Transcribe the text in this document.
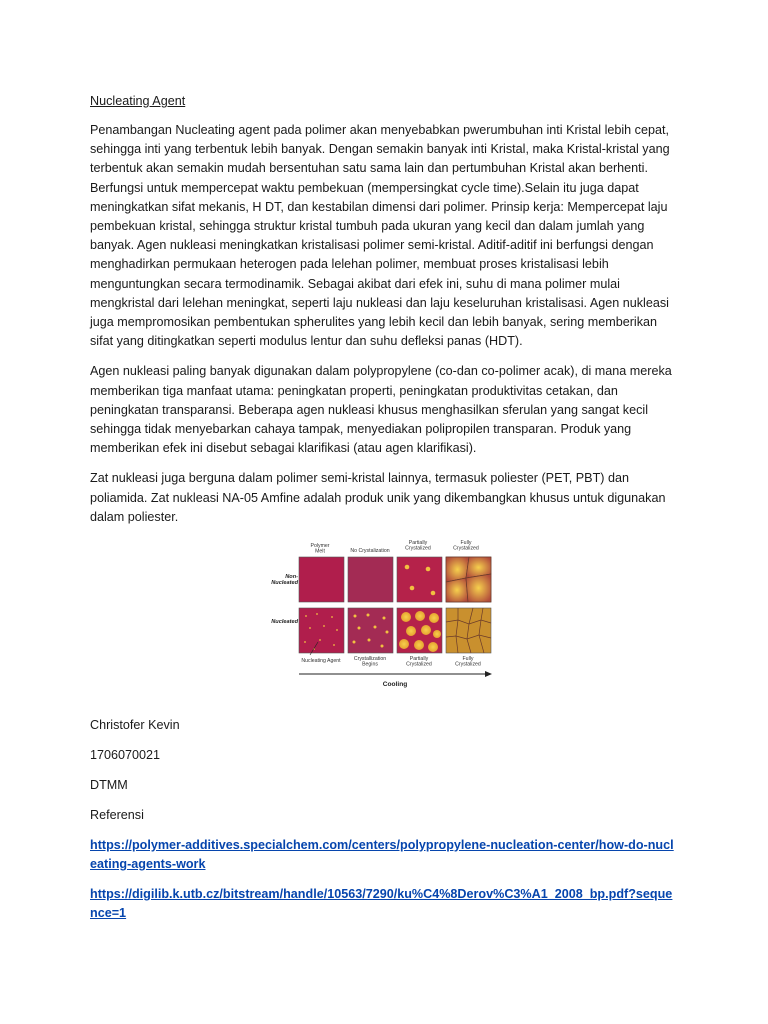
Nucleating Agent

Penambangan Nucleating agent pada polimer akan menyebabkan pwerumbuhan inti Kristal lebih cepat, sehingga inti yang terbentuk lebih banyak. Dengan semakin banyak inti Kristal, maka Kristal-kristal yang terbentuk akan semakin mudah bersentuhan satu sama lain dan pertumbuhan Kristal akan berhenti. Berfungsi untuk mempercepat waktu pembekuan (mempersingkat cycle time).Selain itu juga dapat meningkatkan sifat mekanis, H DT, dan kestabilan dimensi dari polimer. Prinsip kerja: Mempercepat laju pembekuan kristal, sehingga struktur kristal tumbuh pada ukuran yang kecil dan dalam jumlah yang banyak. Agen nukleasi meningkatkan kristalisasi polimer semi-kristal. Aditif-aditif ini berfungsi dengan menghadirkan permukaan heterogen pada lelehan polimer, membuat proses kristalisasi lebih menguntungkan secara termodinamik. Sebagai akibat dari efek ini, suhu di mana polimer mulai mengkristal dari lelehan meningkat, seperti laju nukleasi dan laju keseluruhan kristalisasi. Agen nukleasi juga mempromosikan pembentukan spherulites yang lebih kecil dan lebih banyak, sering memberikan sifat yang ditingkatkan seperti modulus lentur dan suhu defleksi panas (HDT).

Agen nukleasi paling banyak digunakan dalam polypropylene (co-dan co-polimer acak), di mana mereka memberikan tiga manfaat utama: peningkatan properti, peningkatan produktivitas cetakan, dan peningkatan transparansi. Beberapa agen nukleasi khusus menghasilkan sferulan yang sangat kecil sehingga tidak menyebarkan cahaya tampak, menyediakan polipropilen transparan. Produk yang memberikan efek ini disebut sebagai klarifikasi (atau agen klarifikasi).

Zat nukleasi juga berguna dalam polimer semi-kristal lainnya, termasuk poliester (PET, PBT) dan poliamida. Zat nukleasi NA-05 Amfine adalah produk unik yang dikembangkan khusus untuk digunakan dalam poliester.

Polymer Melt	No Crystalization
Partially Crystalized
Fully Crystalized
Non-Nucleated
Nucleated
Nucleating Agent	Crystallization Begins
Partially Crystalized
Fully Crystalized
Cooling
Christofer Kevin
1706070021
DTMM
Referensi
https://polymer-additives.specialchem.com/centers/polypropylene-nucleation-center/how-do-nucleating-agents-work
https://digilib.k.utb.cz/bitstream/handle/10563/7290/ku%C4%8Derov%C3%A1_2008_bp.pdf?sequence=1
